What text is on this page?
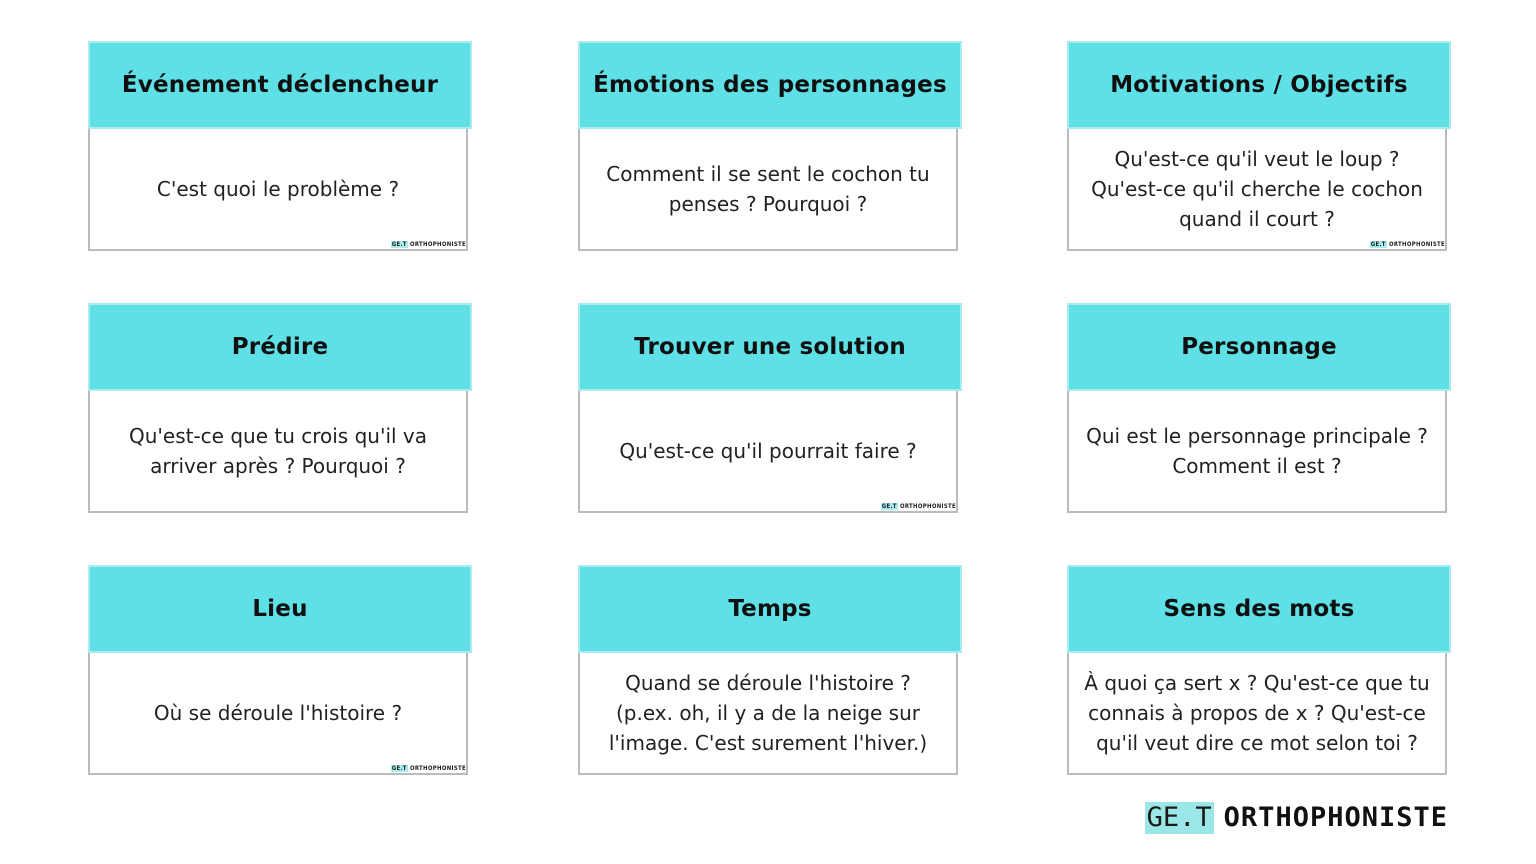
Événement déclencheur
C'est quoi le problème ?
GE.T ORTHOPHONISTE
Émotions des personnages
Comment il se sent le cochon tu
penses ? Pourquoi ?
Motivations / Objectifs
Qu'est-ce qu'il veut le loup ?
Qu'est-ce qu'il cherche le cochon
quand il court ?
GE.T ORTHOPHONISTE
Prédire
Qu'est-ce que tu crois qu'il va
arriver après ? Pourquoi ?
Trouver une solution
Qu'est-ce qu'il pourrait faire ?
GE.T ORTHOPHONISTE
Personnage
Qui est le personnage principale ?
Comment il est ?
Lieu
Où se déroule l'histoire ?
GE.T ORTHOPHONISTE
Temps
Quand se déroule l'histoire ?
(p.ex. oh, il y a de la neige sur
l'image. C'est surement l'hiver.)
Sens des mots
À quoi ça sert x ? Qu'est-ce que tu
connais à propos de x ? Qu'est-ce
qu'il veut dire ce mot selon toi ?
GE.T ORTHOPHONISTE
